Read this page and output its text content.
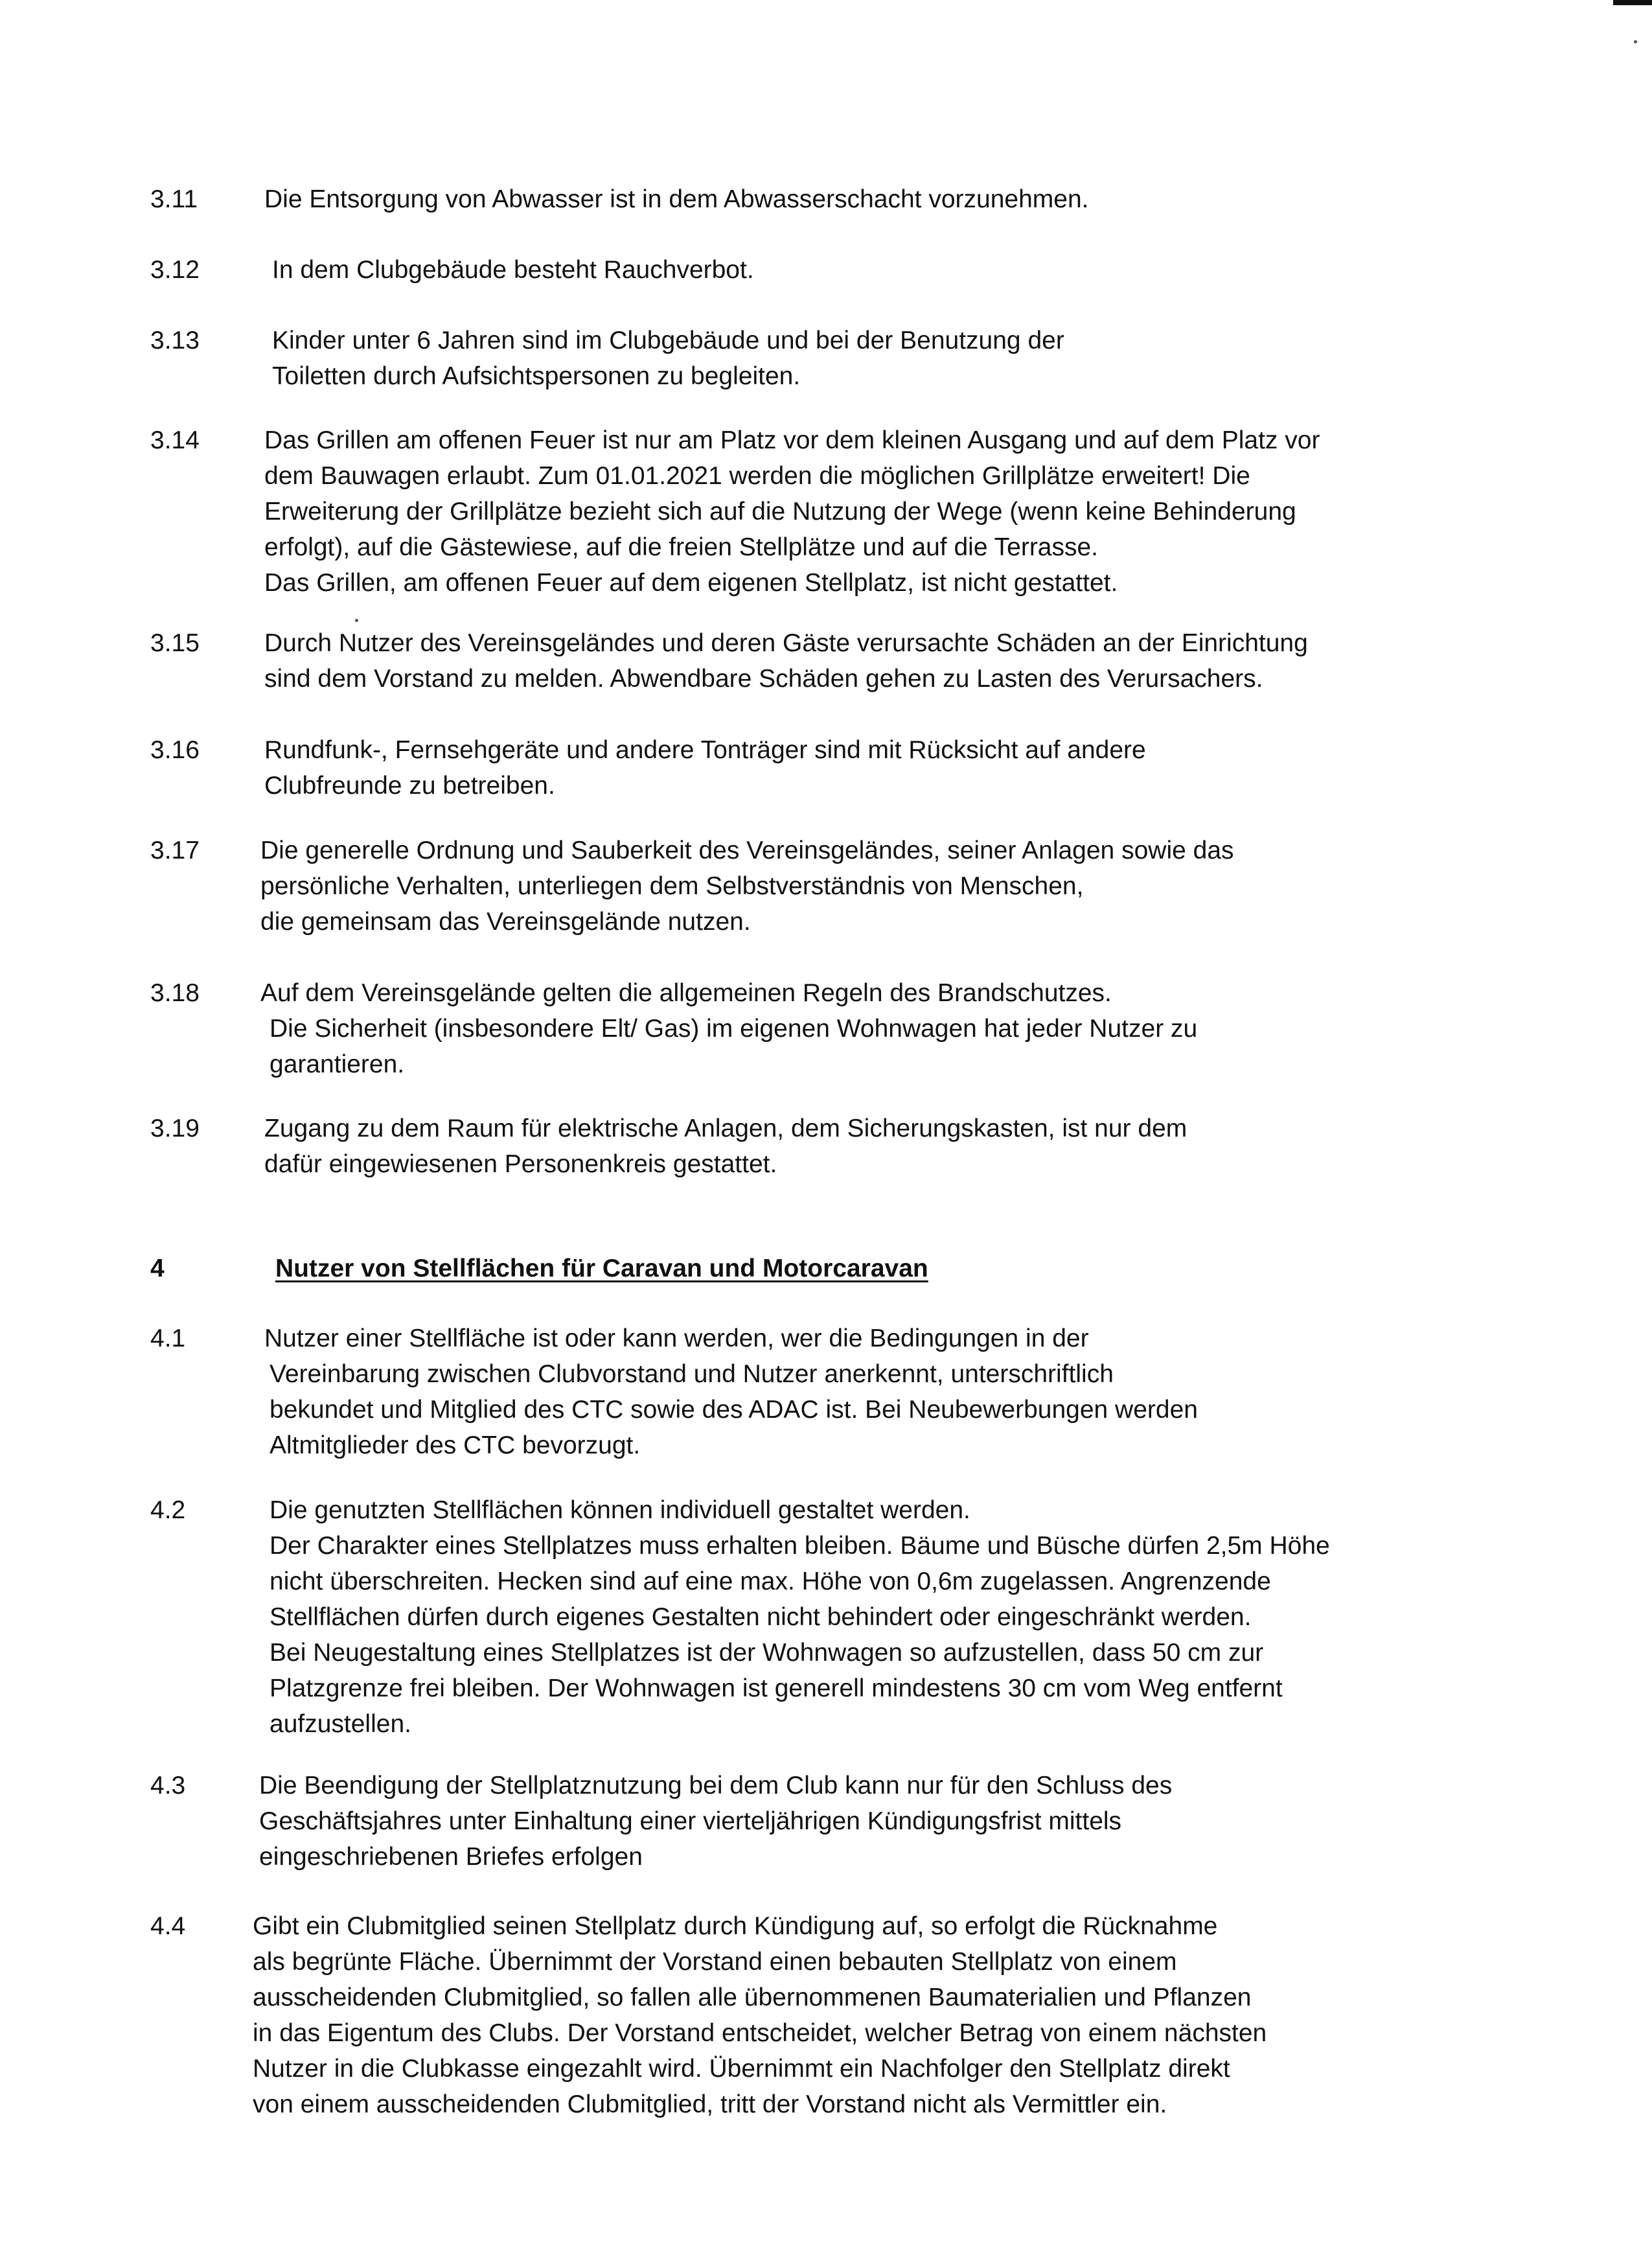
3.11	Die Entsorgung von Abwasser ist in dem Abwasserschacht vorzunehmen.
3.12	In dem Clubgebäude besteht Rauchverbot.
3.13	Kinder unter 6 Jahren sind im Clubgebäude und bei der Benutzung der
Toiletten durch Aufsichtspersonen zu begleiten.
3.14	Das Grillen am offenen Feuer ist nur am Platz vor dem kleinen Ausgang und auf dem Platz vor
dem Bauwagen erlaubt. Zum 01.01.2021 werden die möglichen Grillplätze erweitert! Die
Erweiterung der Grillplätze bezieht sich auf die Nutzung der Wege (wenn keine Behinderung
erfolgt), auf die Gästewiese, auf die freien Stellplätze und auf die Terrasse.
Das Grillen, am offenen Feuer auf dem eigenen Stellplatz, ist nicht gestattet.
3.15	Durch Nutzer des Vereinsgeländes und deren Gäste verursachte Schäden an der Einrichtung
sind dem Vorstand zu melden. Abwendbare Schäden gehen zu Lasten des Verursachers.
3.16	Rundfunk-, Fernsehgeräte und andere Tonträger sind mit Rücksicht auf andere
Clubfreunde zu betreiben.
3.17 Die generelle Ordnung und Sauberkeit des Vereinsgeländes, seiner Anlagen sowie das
persönliche Verhalten, unterliegen dem Selbstverständnis von Menschen,
die gemeinsam das Vereinsgelände nutzen.
3.18 Auf dem Vereinsgelände gelten die allgemeinen Regeln des Brandschutzes.
Die Sicherheit (insbesondere Elt/ Gas) im eigenen Wohnwagen hat jeder Nutzer zu
garantieren.
3.19	Zugang zu dem Raum für elektrische Anlagen, dem Sicherungskasten, ist nur dem
dafür eingewiesenen Personenkreis gestattet.
4	Nutzer von Stellflächen für Caravan und Motorcaravan
4.1	Nutzer einer Stellfläche ist oder kann werden, wer die Bedingungen in der
Vereinbarung zwischen Clubvorstand und Nutzer anerkennt, unterschriftlich
bekundet und Mitglied des CTC sowie des ADAC ist. Bei Neubewerbungen werden
Altmitglieder des CTC bevorzugt.
4.2	Die genutzten Stellflächen können individuell gestaltet werden.
Der Charakter eines Stellplatzes muss erhalten bleiben. Bäume und Büsche dürfen 2,5m Höhe
nicht überschreiten. Hecken sind auf eine max. Höhe von 0,6m zugelassen. Angrenzende
Stellflächen dürfen durch eigenes Gestalten nicht behindert oder eingeschränkt werden.
Bei Neugestaltung eines Stellplatzes ist der Wohnwagen so aufzustellen, dass 50 cm zur
Platzgrenze frei bleiben. Der Wohnwagen ist generell mindestens 30 cm vom Weg entfernt
aufzustellen.
4.3	Die Beendigung der Stellplatznutzung bei dem Club kann nur für den Schluss des
Geschäftsjahres unter Einhaltung einer vierteljährigen Kündigungsfrist mittels
eingeschriebenen Briefes erfolgen
4.4	Gibt ein Clubmitglied seinen Stellplatz durch Kündigung auf, so erfolgt die Rücknahme
als begrünte Fläche. Übernimmt der Vorstand einen bebauten Stellplatz von einem
ausscheidenden Clubmitglied, so fallen alle übernommenen Baumaterialien und Pflanzen
in das Eigentum des Clubs. Der Vorstand entscheidet, welcher Betrag von einem nächsten
Nutzer in die Clubkasse eingezahlt wird. Übernimmt ein Nachfolger den Stellplatz direkt
von einem ausscheidenden Clubmitglied, tritt der Vorstand nicht als Vermittler ein.
